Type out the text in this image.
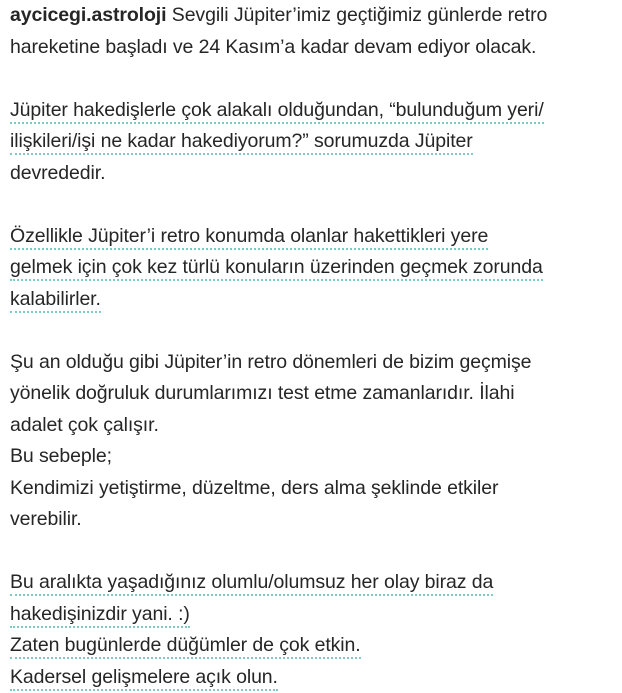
aycicegi.astroloji Sevgili Jüpiter’imiz geçtiğimiz günlerde retro
hareketine başladı ve 24 Kasım’a kadar devam ediyor olacak.
Jüpiter hakedişlerle çok alakalı olduğundan, “bulunduğum yeri/
ilişkileri/işi ne kadar hakediyorum?” sorumuzda Jüpiter
devrededir.
Özellikle Jüpiter’i retro konumda olanlar hakettikleri yere
gelmek için çok kez türlü konuların üzerinden geçmek zorunda
kalabilirler.
Şu an olduğu gibi Jüpiter’in retro dönemleri de bizim geçmişe
yönelik doğruluk durumlarımızı test etme zamanlarıdır. İlahi
adalet çok çalışır.
Bu sebeple;
Kendimizi yetiştirme, düzeltme, ders alma şeklinde etkiler
verebilir.
Bu aralıkta yaşadığınız olumlu/olumsuz her olay biraz da
hakedişinizdir yani. :)
Zaten bugünlerde düğümler de çok etkin.
Kadersel gelişmelere açık olun.
